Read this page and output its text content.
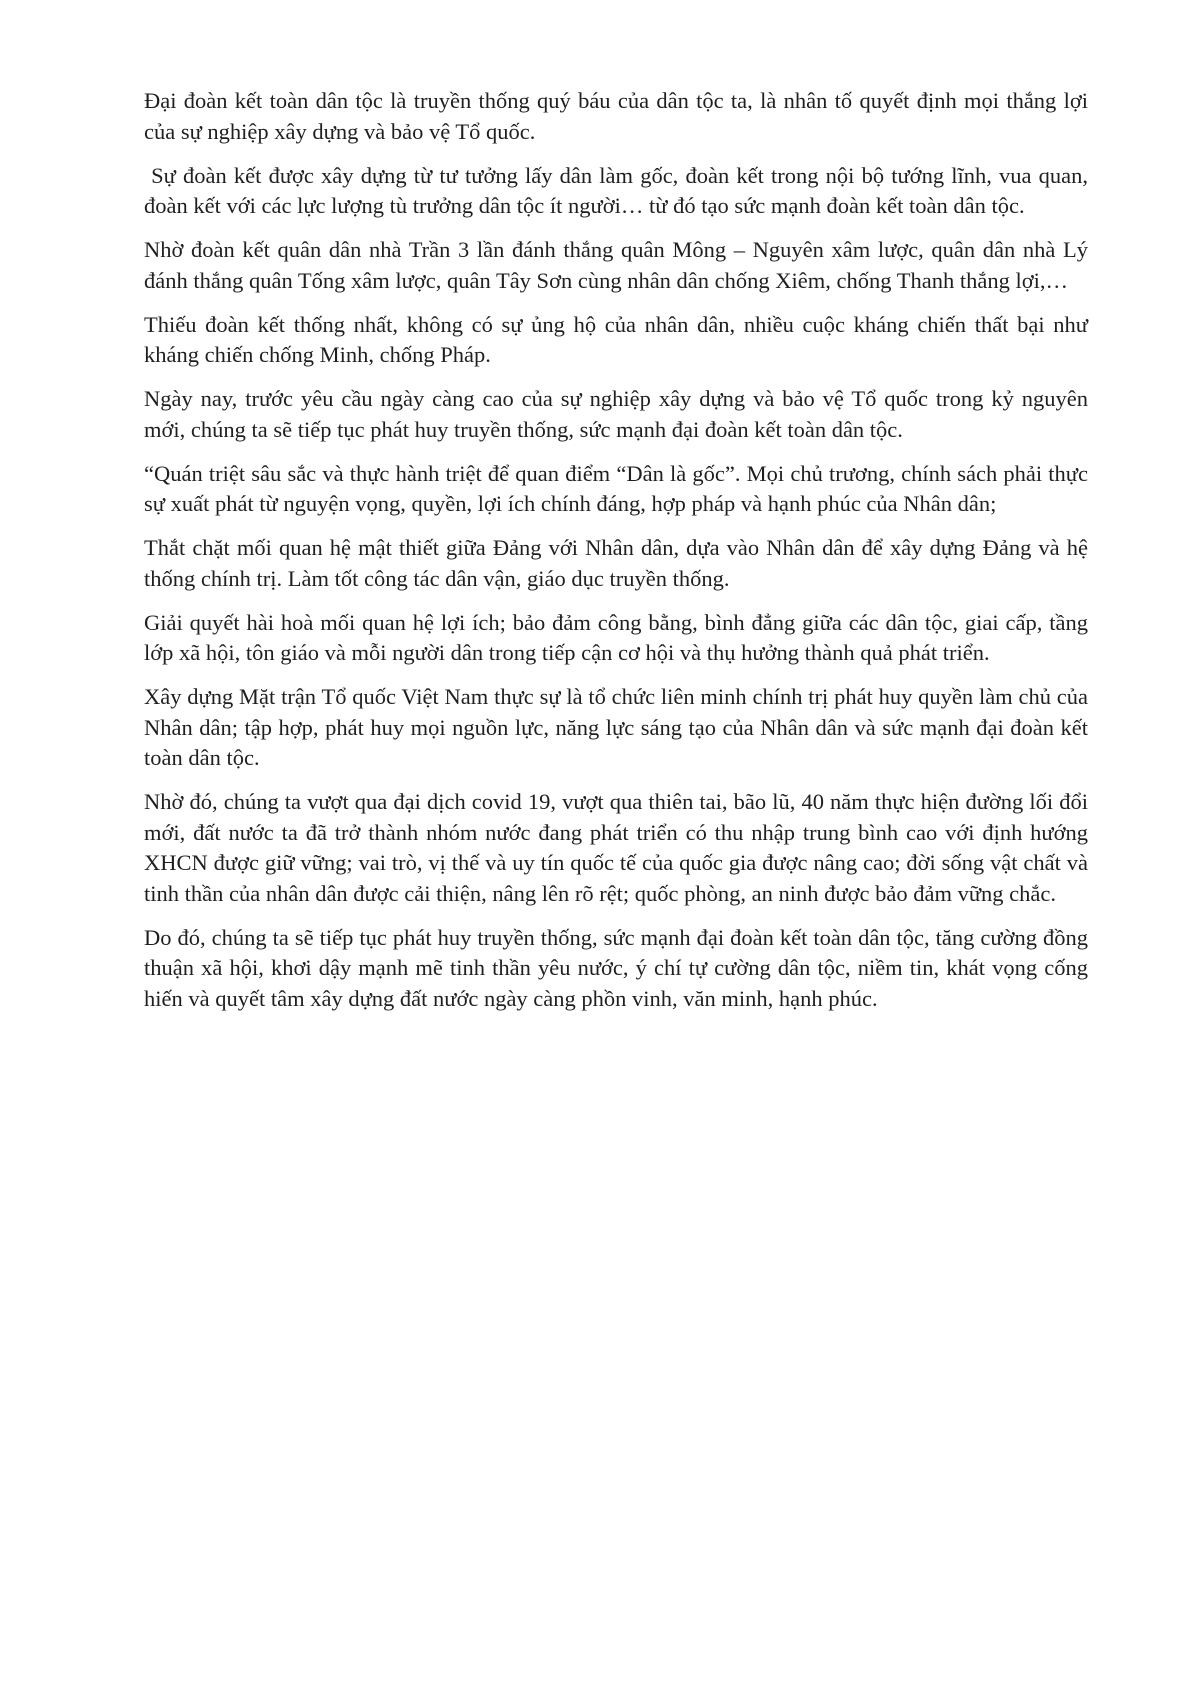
Đại đoàn kết toàn dân tộc là truyền thống quý báu của dân tộc ta, là nhân tố quyết định mọi thắng lợi của sự nghiệp xây dựng và bảo vệ Tổ quốc.

Sự đoàn kết được xây dựng từ tư tưởng lấy dân làm gốc, đoàn kết trong nội bộ tướng lĩnh, vua quan, đoàn kết với các lực lượng tù trưởng dân tộc ít người… từ đó tạo sức mạnh đoàn kết toàn dân tộc.

Nhờ đoàn kết quân dân nhà Trần 3 lần đánh thắng quân Mông – Nguyên xâm lược, quân dân nhà Lý đánh thắng quân Tống xâm lược, quân Tây Sơn cùng nhân dân chống Xiêm, chống Thanh thắng lợi,…

Thiếu đoàn kết thống nhất, không có sự ủng hộ của nhân dân, nhiều cuộc kháng chiến thất bại như kháng chiến chống Minh, chống Pháp.

Ngày nay, trước yêu cầu ngày càng cao của sự nghiệp xây dựng và bảo vệ Tổ quốc trong kỷ nguyên mới, chúng ta sẽ tiếp tục phát huy truyền thống, sức mạnh đại đoàn kết toàn dân tộc.

“Quán triệt sâu sắc và thực hành triệt để quan điểm “Dân là gốc”. Mọi chủ trương, chính sách phải thực sự xuất phát từ nguyện vọng, quyền, lợi ích chính đáng, hợp pháp và hạnh phúc của Nhân dân;

Thắt chặt mối quan hệ mật thiết giữa Đảng với Nhân dân, dựa vào Nhân dân để xây dựng Đảng và hệ thống chính trị. Làm tốt công tác dân vận, giáo dục truyền thống.

Giải quyết hài hoà mối quan hệ lợi ích; bảo đảm công bằng, bình đẳng giữa các dân tộc, giai cấp, tầng lớp xã hội, tôn giáo và mỗi người dân trong tiếp cận cơ hội và thụ hưởng thành quả phát triển.

Xây dựng Mặt trận Tổ quốc Việt Nam thực sự là tổ chức liên minh chính trị phát huy quyền làm chủ của Nhân dân; tập hợp, phát huy mọi nguồn lực, năng lực sáng tạo của Nhân dân và sức mạnh đại đoàn kết toàn dân tộc.

Nhờ đó, chúng ta vượt qua đại dịch covid 19, vượt qua thiên tai, bão lũ, 40 năm thực hiện đường lối đổi mới, đất nước ta đã trở thành nhóm nước đang phát triển có thu nhập trung bình cao với định hướng XHCN được giữ vững; vai trò, vị thế và uy tín quốc tế của quốc gia được nâng cao; đời sống vật chất và tinh thần của nhân dân được cải thiện, nâng lên rõ rệt; quốc phòng, an ninh được bảo đảm vững chắc.

Do đó, chúng ta sẽ tiếp tục phát huy truyền thống, sức mạnh đại đoàn kết toàn dân tộc, tăng cường đồng thuận xã hội, khơi dậy mạnh mẽ tinh thần yêu nước, ý chí tự cường dân tộc, niềm tin, khát vọng cống hiến và quyết tâm xây dựng đất nước ngày càng phồn vinh, văn minh, hạnh phúc.
